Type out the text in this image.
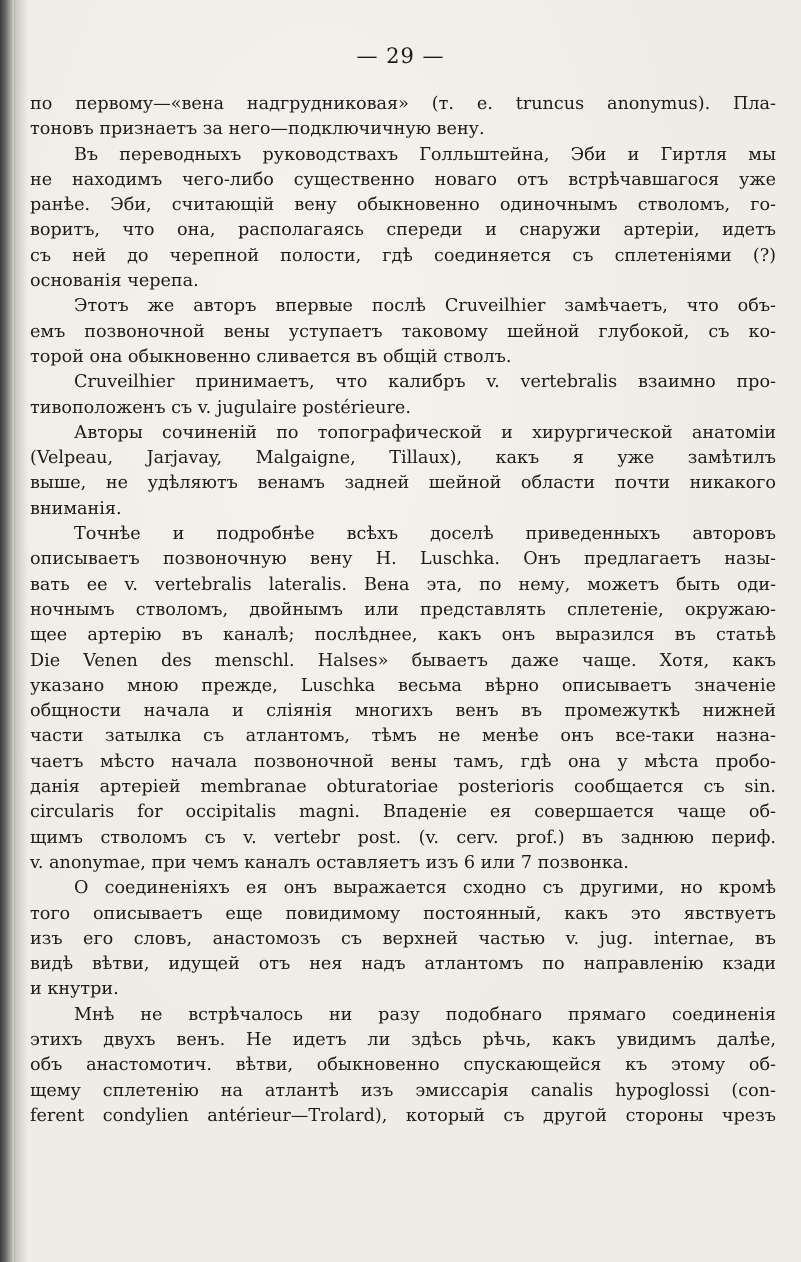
— 29 —
по первому—«вена надгрудниковая» (т. е. truncus anonymus). Пла-
тоновъ признаетъ за него—подключичную вену.
Въ переводныхъ руководствахъ Голльштейна, Эби и Гиртля мы
не находимъ чего-либо существенно новаго отъ встрѣчавшагося уже
ранѣе. Эби, считающій вену обыкновенно одиночнымъ стволомъ, го-
воритъ, что она, располагаясь спереди и снаружи артеріи, идетъ
съ ней до черепной полости, гдѣ соединяется съ сплетеніями (?)
основанія черепа.
Этотъ же авторъ впервые послѣ Cruveilhier замѣчаетъ, что объ-
емъ позвоночной вены уступаетъ таковому шейной глубокой, съ ко-
торой она обыкновенно сливается въ общій стволъ.
Cruveilhier принимаетъ, что калибръ v. vertebralis взаимно про-
тивоположенъ съ v. jugulaire postérieure.
Авторы сочиненій по топографической и хирургической анатоміи
(Velpeau, Jarjavay, Malgaigne, Tillaux), какъ я уже замѣтилъ
выше, не удѣляютъ венамъ задней шейной области почти никакого
вниманія.
Точнѣе и подробнѣе всѣхъ доселѣ приведенныхъ авторовъ
описываетъ позвоночную вену H. Luschka. Онъ предлагаетъ назы-
вать ее v. vertebralis lateralis. Вена эта, по нему, можетъ быть оди-
ночнымъ стволомъ, двойнымъ или представлять сплетеніе, окружаю-
щее артерію въ каналѣ; послѣднее, какъ онъ выразился въ статьѣ
Die Venen des menschl. Halses» бываетъ даже чаще. Хотя, какъ
указано мною прежде, Luschka весьма вѣрно описываетъ значеніе
общности начала и слiянія многихъ венъ въ промежуткѣ нижней
части затылка съ атлантомъ, тѣмъ не менѣе онъ все-таки назна-
чаетъ мѣсто начала позвоночной вены тамъ, гдѣ она у мѣста пробо-
данія артеріей membranae obturatoriae posterioris сообщается съ sin.
circularis for occipitalis magni. Впаденіе ея совершается чаще об-
щимъ стволомъ съ v. vertebr post. (v. cerv. prof.) въ заднюю периф.
v. anonymae, при чемъ каналъ оставляетъ изъ 6 или 7 позвонка.
О соединеніяхъ ея онъ выражается сходно съ другими, но кромѣ
того описываетъ еще повидимому постоянный, какъ это явствуетъ
изъ его словъ, анастомозъ съ верхней частью v. jug. internae, въ
видѣ вѣтви, идущей отъ нея надъ атлантомъ по направленію кзади
и кнутри.
Мнѣ не встрѣчалось ни разу подобнаго прямаго соединенія
этихъ двухъ венъ. Не идетъ ли здѣсь рѣчь, какъ увидимъ далѣе,
объ анастомотич. вѣтви, обыкновенно спускающейся къ этому об-
щему сплетенію на атлантѣ изъ эмиссарія canalis hypoglossi (con-
ferent condylien antérieur—Trolard), который съ другой стороны чрезъ
